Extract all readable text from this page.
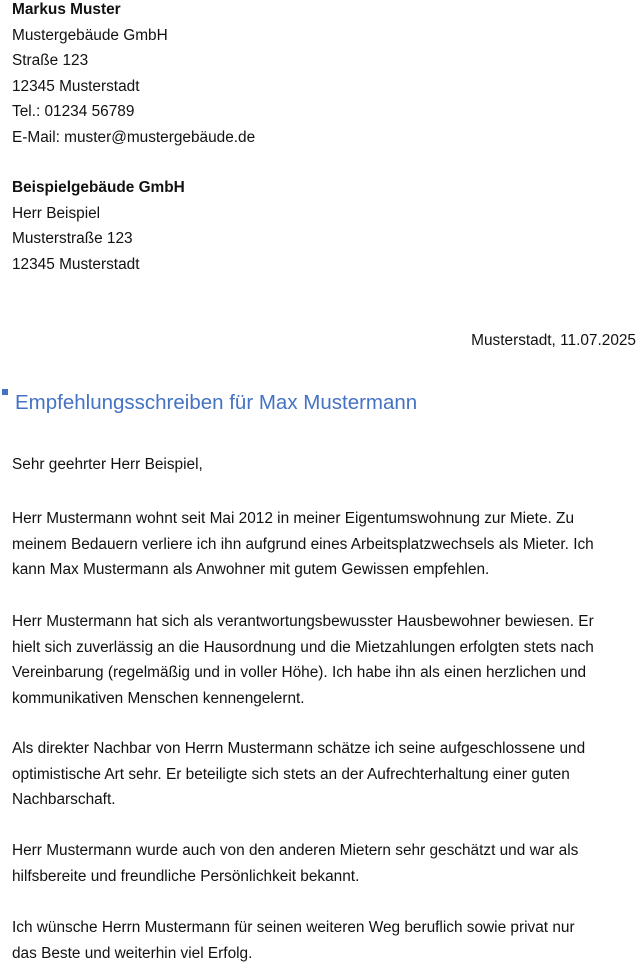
Markus Muster
Mustergebäude GmbH
Straße 123
12345 Musterstadt
Tel.: 01234 56789
E-Mail: muster@mustergebäude.de
Beispielgebäude GmbH
Herr Beispiel
Musterstraße 123
12345 Musterstadt
Musterstadt, 11.07.2025
Empfehlungsschreiben für Max Mustermann
Sehr geehrter Herr Beispiel,
Herr Mustermann wohnt seit Mai 2012 in meiner Eigentumswohnung zur Miete. Zu
meinem Bedauern verliere ich ihn aufgrund eines Arbeitsplatzwechsels als Mieter. Ich
kann Max Mustermann als Anwohner mit gutem Gewissen empfehlen.
Herr Mustermann hat sich als verantwortungsbewusster Hausbewohner bewiesen. Er
hielt sich zuverlässig an die Hausordnung und die Mietzahlungen erfolgten stets nach
Vereinbarung (regelmäßig und in voller Höhe). Ich habe ihn als einen herzlichen und
kommunikativen Menschen kennengelernt.
Als direkter Nachbar von Herrn Mustermann schätze ich seine aufgeschlossene und
optimistische Art sehr. Er beteiligte sich stets an der Aufrechterhaltung einer guten
Nachbarschaft.
Herr Mustermann wurde auch von den anderen Mietern sehr geschätzt und war als
hilfsbereite und freundliche Persönlichkeit bekannt.
Ich wünsche Herrn Mustermann für seinen weiteren Weg beruflich sowie privat nur
das Beste und weiterhin viel Erfolg.
